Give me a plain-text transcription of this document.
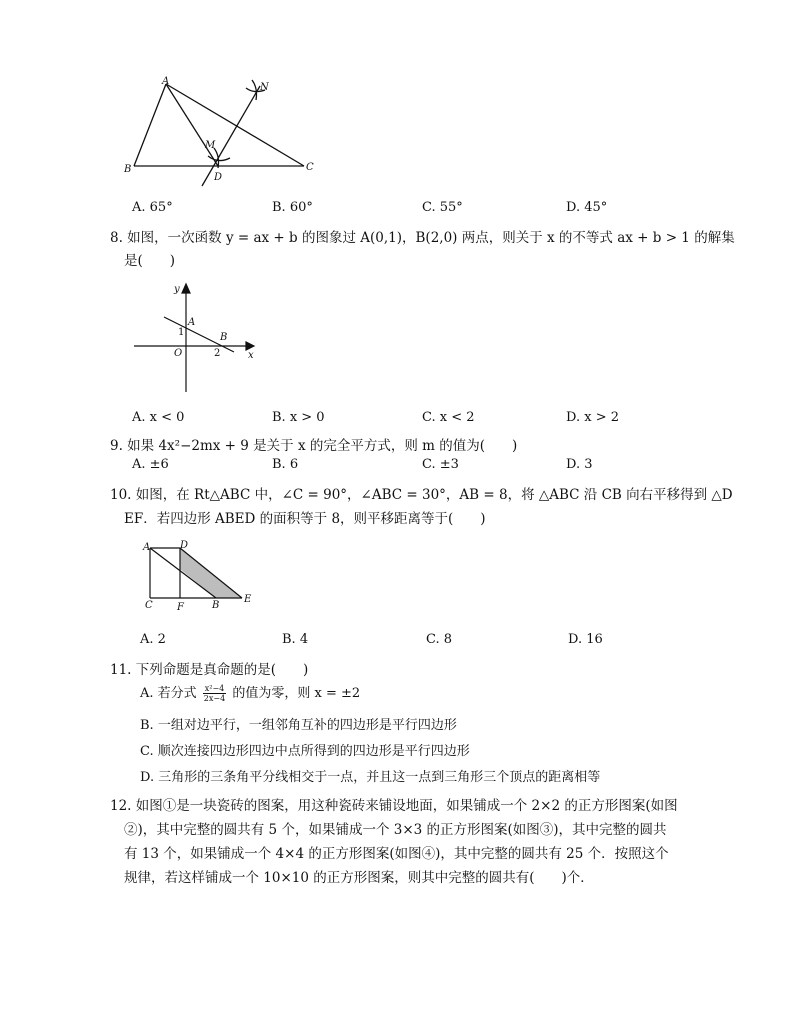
A
B	C
D
M
N
A. 65°	B. 60°	C. 55°	D. 45°
8. 如图，一次函数 y = ax + b 的图象过 A(0,1)，B(2,0) 两点，则关于 x 的不等式 ax + b > 1 的解集
是(　　)
y
x
O
1
2
A
B
A. x < 0	B. x > 0	C. x < 2	D. x > 2
9. 如果 4x²−2mx + 9 是关于 x 的完全平方式，则 m 的值为(　　)
A. ±6	B. 6	C. ±3	D. 3
10. 如图，在 Rt△ABC 中，∠C = 90°，∠ABC = 30°，AB = 8，将 △ABC 沿 CB 向右平移得到 △D
EF．若四边形 ABED 的面积等于 8，则平移距离等于(　　)
A	D
C F	B
E
A. 2	B. 4	C. 8	D. 16
11. 下列命题是真命题的是(　　)
A. 若分式 $\frac{\text{x²−4}}{2x-4}$ 的值为零，则 x = ±2
B. 一组对边平行，一组邻角互补的四边形是平行四边形
C. 顺次连接四边形四边中点所得到的四边形是平行四边形
D. 三角形的三条角平分线相交于一点，并且这一点到三角形三个顶点的距离相等
12. 如图①是一块瓷砖的图案，用这种瓷砖来铺设地面，如果铺成一个 2×2 的正方形图案(如图
②)，其中完整的圆共有 5 个，如果铺成一个 3×3 的正方形图案(如图③)，其中完整的圆共
有 13 个，如果铺成一个 4×4 的正方形图案(如图④)，其中完整的圆共有 25 个．按照这个
规律，若这样铺成一个 10×10 的正方形图案，则其中完整的圆共有(　　)个．
